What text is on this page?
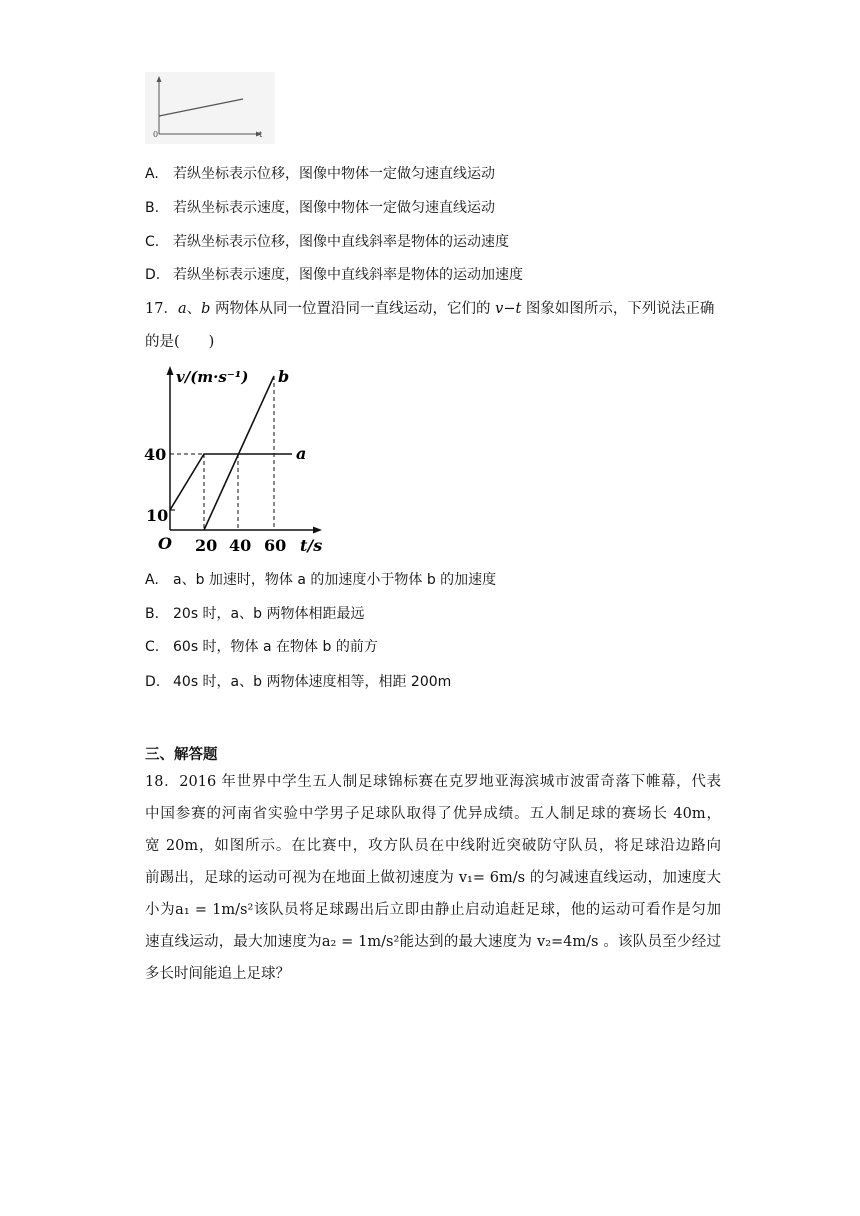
0	t
A. 若纵坐标表示位移，图像中物体一定做匀速直线运动
B. 若纵坐标表示速度，图像中物体一定做匀速直线运动
C. 若纵坐标表示位移，图像中直线斜率是物体的运动速度
D. 若纵坐标表示速度，图像中直线斜率是物体的运动加速度
17．a、b 两物体从同一位置沿同一直线运动，它们的 v−t 图象如图所示，下列说法正确
的是(　　)
v/(m·s⁻¹) b
a
40
10
O 20 40 60 t/s
A. a、b 加速时，物体 a 的加速度小于物体 b 的加速度
B. 20s 时，a、b 两物体相距最远
C. 60s 时，物体 a 在物体 b 的前方
D. 40s 时，a、b 两物体速度相等，相距 200m
三、解答题
18．2016 年世界中学生五人制足球锦标赛在克罗地亚海滨城市波雷奇落下帷幕，代表
中国参赛的河南省实验中学男子足球队取得了优异成绩。五人制足球的赛场长 40m，
宽 20m，如图所示。在比赛中，攻方队员在中线附近突破防守队员，将足球沿边路向
前踢出，足球的运动可视为在地面上做初速度为 v₁= 6m/s 的匀减速直线运动，加速度大
小为a₁ = 1m/s²该队员将足球踢出后立即由静止启动追赶足球，他的运动可看作是匀加
速直线运动，最大加速度为a₂ = 1m/s²能达到的最大速度为 v₂=4m/s 。该队员至少经过
多长时间能追上足球？
